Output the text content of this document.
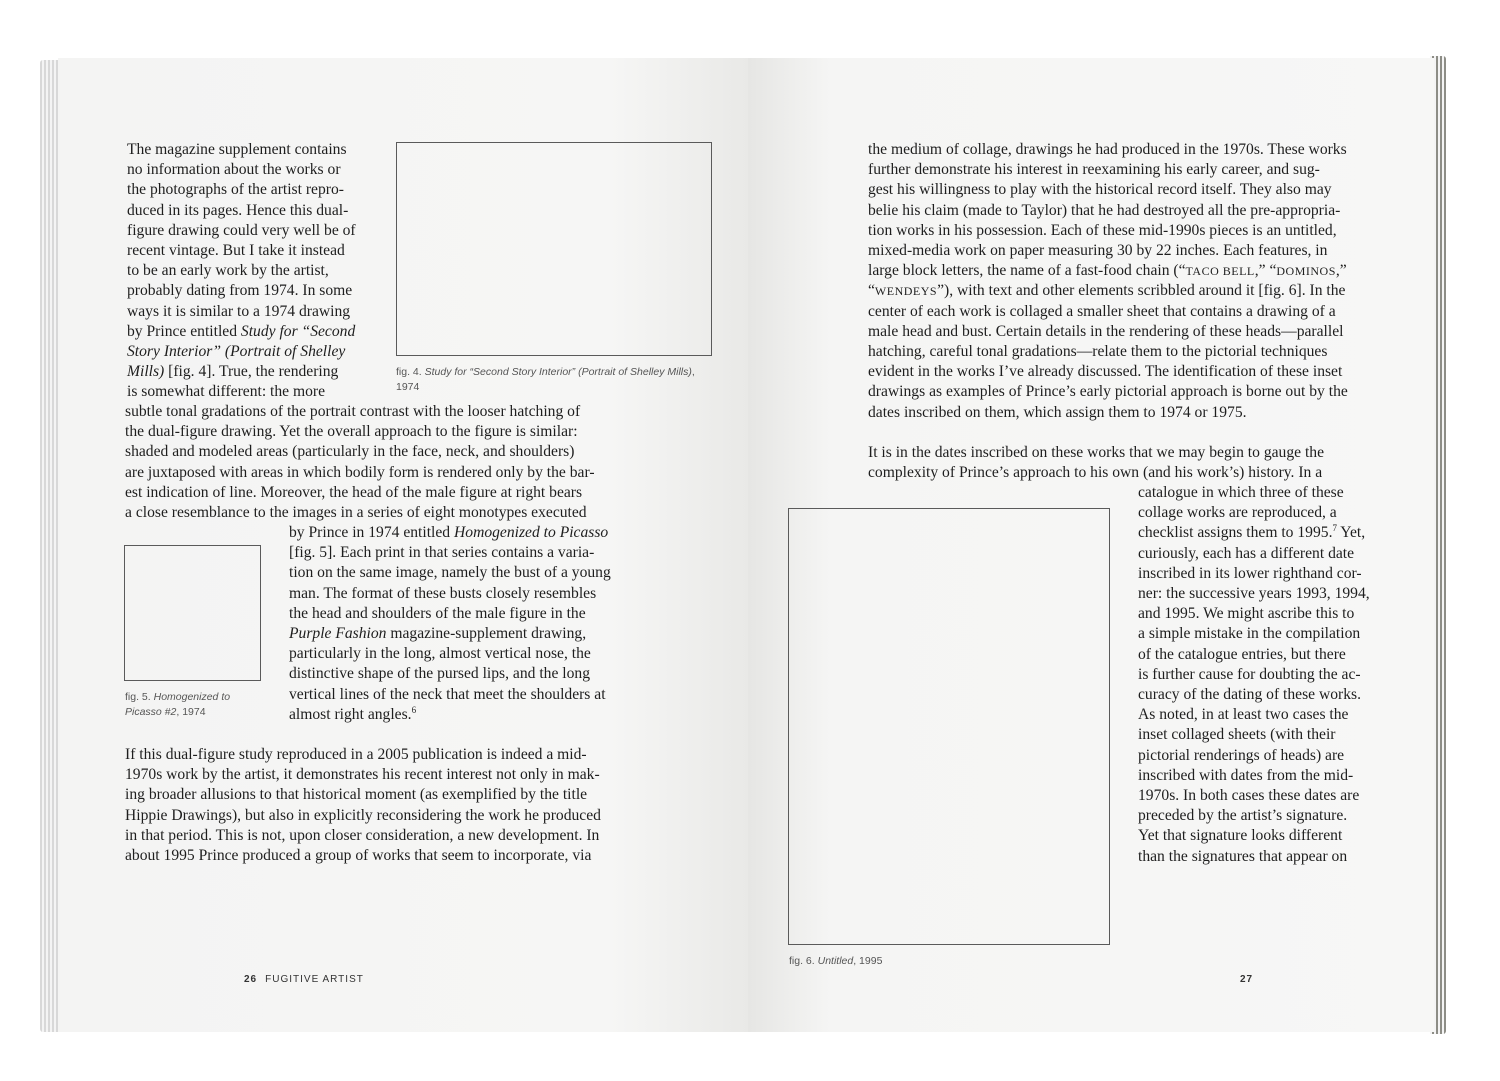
The magazine supplement contains
no information about the works or
the photographs of the artist repro-
duced in its pages. Hence this dual-
figure drawing could very well be of
recent vintage. But I take it instead
to be an early work by the artist,
probably dating from 1974. In some
ways it is similar to a 1974 drawing
by Prince entitled Study for “Second
Story Interior” (Portrait of Shelley
Mills) [fig. 4]. True, the rendering
is somewhat different: the more
fig. 4. Study for “Second Story Interior” (Portrait of Shelley Mills), 1974
subtle tonal gradations of the portrait contrast with the looser hatching of
the dual-figure drawing. Yet the overall approach to the figure is similar:
shaded and modeled areas (particularly in the face, neck, and shoulders)
are juxtaposed with areas in which bodily form is rendered only by the bar-
est indication of line. Moreover, the head of the male figure at right bears
a close resemblance to the images in a series of eight monotypes executed
fig. 5. Homogenized to
Picasso #2, 1974
by Prince in 1974 entitled Homogenized to Picasso
[fig. 5]. Each print in that series contains a varia-
tion on the same image, namely the bust of a young
man. The format of these busts closely resembles
the head and shoulders of the male figure in the
Purple Fashion magazine-supplement drawing,
particularly in the long, almost vertical nose, the
distinctive shape of the pursed lips, and the long
vertical lines of the neck that meet the shoulders at
almost right angles.$^6$
If this dual-figure study reproduced in a 2005 publication is indeed a mid-
1970s work by the artist, it demonstrates his recent interest not only in mak-
ing broader allusions to that historical moment (as exemplified by the title
Hippie Drawings), but also in explicitly reconsidering the work he produced
in that period. This is not, upon closer consideration, a new development. In
about 1995 Prince produced a group of works that seem to incorporate, via
26 FUGITIVE ARTIST
the medium of collage, drawings he had produced in the 1970s. These works
further demonstrate his interest in reexamining his early career, and sug-
gest his willingness to play with the historical record itself. They also may
belie his claim (made to Taylor) that he had destroyed all the pre-appropria-
tion works in his possession. Each of these mid-1990s pieces is an untitled,
mixed-media work on paper measuring 30 by 22 inches. Each features, in
large block letters, the name of a fast-food chain (“TACO BELL,” “DOMINOS,”
“WENDEYS”), with text and other elements scribbled around it [fig. 6]. In the
center of each work is collaged a smaller sheet that contains a drawing of a
male head and bust. Certain details in the rendering of these heads—parallel
hatching, careful tonal gradations—relate them to the pictorial techniques
evident in the works I’ve already discussed. The identification of these inset
drawings as examples of Prince’s early pictorial approach is borne out by the
dates inscribed on them, which assign them to 1974 or 1975.
It is in the dates inscribed on these works that we may begin to gauge the
complexity of Prince’s approach to his own (and his work’s) history. In a
fig. 6. Untitled, 1995
catalogue in which three of these
collage works are reproduced, a
checklist assigns them to 1995.$^7$ Yet,
curiously, each has a different date
inscribed in its lower righthand cor-
ner: the successive years 1993, 1994,
and 1995. We might ascribe this to
a simple mistake in the compilation
of the catalogue entries, but there
is further cause for doubting the ac-
curacy of the dating of these works.
As noted, in at least two cases the
inset collaged sheets (with their
pictorial renderings of heads) are
inscribed with dates from the mid-
1970s. In both cases these dates are
preceded by the artist’s signature.
Yet that signature looks different
than the signatures that appear on
27
